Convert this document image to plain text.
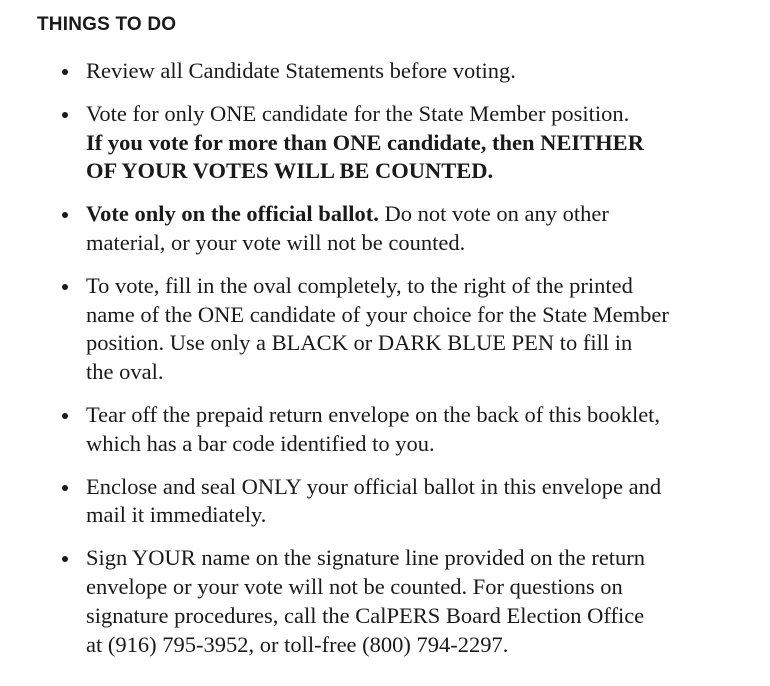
THINGS TO DO
Review all Candidate Statements before voting.
Vote for only ONE candidate for the State Member position.
If you vote for more than ONE candidate, then NEITHER
OF YOUR VOTES WILL BE COUNTED.
Vote only on the official ballot. Do not vote on any other
material, or your vote will not be counted.
To vote, fill in the oval completely, to the right of the printed
name of the ONE candidate of your choice for the State Member
position. Use only a BLACK or DARK BLUE PEN to fill in
the oval.
Tear off the prepaid return envelope on the back of this booklet,
which has a bar code identified to you.
Enclose and seal ONLY your official ballot in this envelope and
mail it immediately.
Sign YOUR name on the signature line provided on the return
envelope or your vote will not be counted. For questions on
signature procedures, call the CalPERS Board Election Office
at (916) 795-3952, or toll-free (800) 794-2297.
